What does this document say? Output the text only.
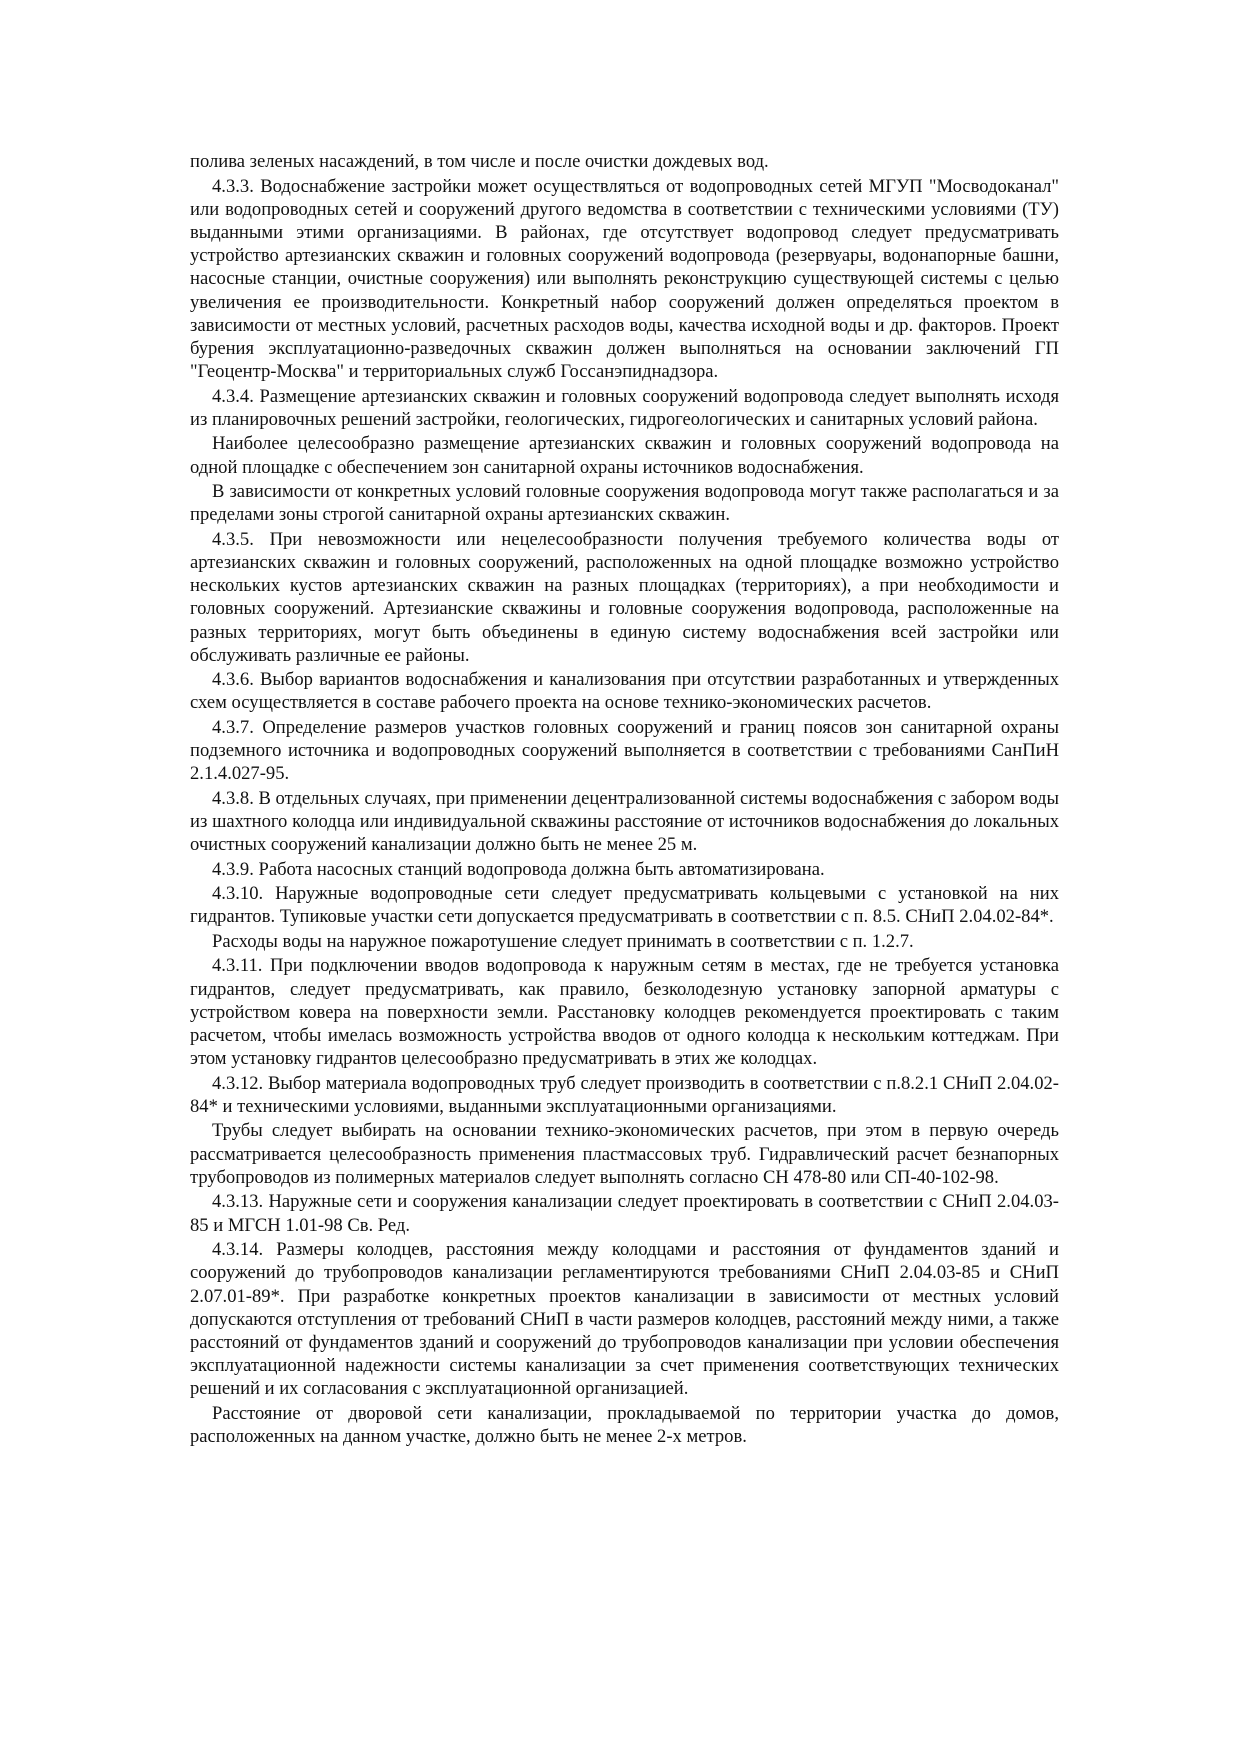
полива зеленых насаждений, в том числе и после очистки дождевых вод.

4.3.3. Водоснабжение застройки может осуществляться от водопроводных сетей МГУП "Мосводоканал" или водопроводных сетей и сооружений другого ведомства в соответствии с техническими условиями (ТУ) выданными этими организациями. В районах, где отсутствует водопровод следует предусматривать устройство артезианских скважин и головных сооружений водопровода (резервуары, водонапорные башни, насосные станции, очистные сооружения) или выполнять реконструкцию существующей системы с целью увеличения ее производительности. Конкретный набор сооружений должен определяться проектом в зависимости от местных условий, расчетных расходов воды, качества исходной воды и др. факторов. Проект бурения эксплуатационно-разведочных скважин должен выполняться на основании заключений ГП "Геоцентр-Москва" и территориальных служб Госсанэпиднадзора.

4.3.4. Размещение артезианских скважин и головных сооружений водопровода следует выполнять исходя из планировочных решений застройки, геологических, гидрогеологических и санитарных условий района.

Наиболее целесообразно размещение артезианских скважин и головных сооружений водопровода на одной площадке с обеспечением зон санитарной охраны источников водоснабжения.

В зависимости от конкретных условий головные сооружения водопровода могут также располагаться и за пределами зоны строгой санитарной охраны артезианских скважин.

4.3.5. При невозможности или нецелесообразности получения требуемого количества воды от артезианских скважин и головных сооружений, расположенных на одной площадке возможно устройство нескольких кустов артезианских скважин на разных площадках (территориях), а при необходимости и головных сооружений. Артезианские скважины и головные сооружения водопровода, расположенные на разных территориях, могут быть объединены в единую систему водоснабжения всей застройки или обслуживать различные ее районы.

4.3.6. Выбор вариантов водоснабжения и канализования при отсутствии разработанных и утвержденных схем осуществляется в составе рабочего проекта на основе технико-экономических расчетов.

4.3.7. Определение размеров участков головных сооружений и границ поясов зон санитарной охраны подземного источника и водопроводных сооружений выполняется в соответствии с требованиями СанПиН 2.1.4.027-95.

4.3.8. В отдельных случаях, при применении децентрализованной системы водоснабжения с забором воды из шахтного колодца или индивидуальной скважины расстояние от источников водоснабжения до локальных очистных сооружений канализации должно быть не менее 25 м.

4.3.9. Работа насосных станций водопровода должна быть автоматизирована.

4.3.10. Наружные водопроводные сети следует предусматривать кольцевыми с установкой на них гидрантов. Тупиковые участки сети допускается предусматривать в соответствии с п. 8.5. СНиП 2.04.02-84*.

Расходы воды на наружное пожаротушение следует принимать в соответствии с п. 1.2.7.

4.3.11. При подключении вводов водопровода к наружным сетям в местах, где не требуется установка гидрантов, следует предусматривать, как правило, безколодезную установку запорной арматуры с устройством ковера на поверхности земли. Расстановку колодцев рекомендуется проектировать с таким расчетом, чтобы имелась возможность устройства вводов от одного колодца к нескольким коттеджам. При этом установку гидрантов целесообразно предусматривать в этих же колодцах.

4.3.12. Выбор материала водопроводных труб следует производить в соответствии с п.8.2.1 СНиП 2.04.02-84* и техническими условиями, выданными эксплуатационными организациями.

Трубы следует выбирать на основании технико-экономических расчетов, при этом в первую очередь рассматривается целесообразность применения пластмассовых труб. Гидравлический расчет безнапорных трубопроводов из полимерных материалов следует выполнять согласно СН 478-80 или СП-40-102-98.

4.3.13. Наружные сети и сооружения канализации следует проектировать в соответствии с СНиП 2.04.03-85 и МГСН 1.01-98 Св. Ред.

4.3.14. Размеры колодцев, расстояния между колодцами и расстояния от фундаментов зданий и сооружений до трубопроводов канализации регламентируются требованиями СНиП 2.04.03-85 и СНиП 2.07.01-89*. При разработке конкретных проектов канализации в зависимости от местных условий допускаются отступления от требований СНиП в части размеров колодцев, расстояний между ними, а также расстояний от фундаментов зданий и сооружений до трубопроводов канализации при условии обеспечения эксплуатационной надежности системы канализации за счет применения соответствующих технических решений и их согласования с эксплуатационной организацией.

Расстояние от дворовой сети канализации, прокладываемой по территории участка до домов, расположенных на данном участке, должно быть не менее 2-х метров.
